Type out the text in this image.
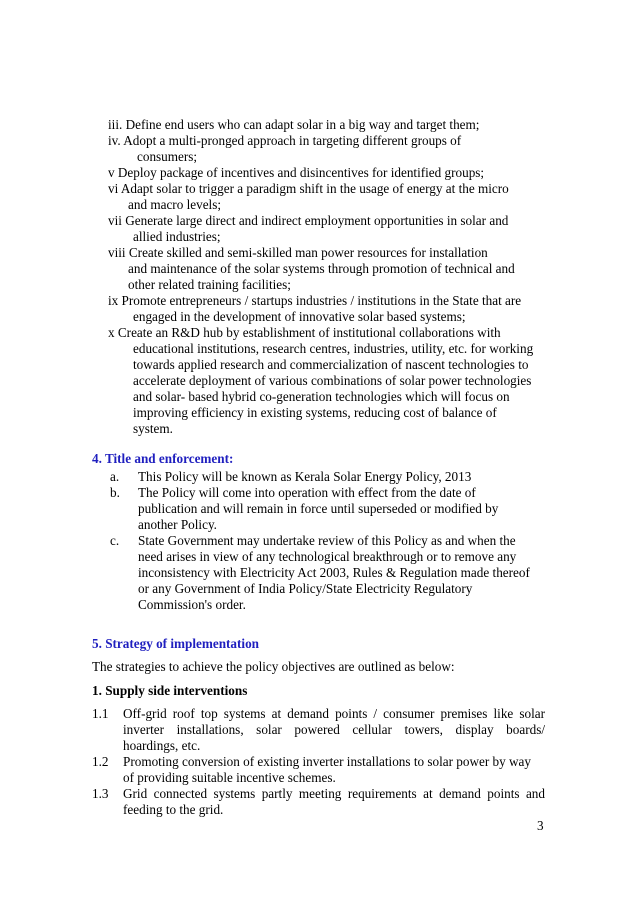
iii. Define end users who can adapt solar in a big way and target them;
iv. Adopt a multi-pronged approach in targeting different groups of
consumers;
v Deploy package of incentives and disincentives for identified groups;
vi Adapt solar to trigger a paradigm shift in the usage of energy at the micro
and macro levels;
vii Generate large direct and indirect employment opportunities in solar and
allied industries;
viii Create skilled and semi-skilled man power resources for installation
and maintenance of the solar systems through promotion of technical and
other related training facilities;
ix Promote entrepreneurs / startups industries / institutions in the State that are
engaged in the development of innovative solar based systems;
x Create an R&D hub by establishment of institutional collaborations with
educational institutions, research centres, industries, utility, etc. for working
towards applied research and commercialization of nascent technologies to
accelerate deployment of various combinations of solar power technologies
and solar- based hybrid co-generation technologies which will focus on
improving efficiency in existing systems, reducing cost of balance of
system.
4. Title and enforcement:
a. This Policy will be known as Kerala Solar Energy Policy, 2013
b. The Policy will come into operation with effect from the date of
publication and will remain in force until superseded or modified by
another Policy.
c. State Government may undertake review of this Policy as and when the
need arises in view of any technological breakthrough or to remove any
inconsistency with Electricity Act 2003, Rules & Regulation made thereof
or any Government of India Policy/State Electricity Regulatory
Commission's order.
5. Strategy of implementation
The strategies to achieve the policy objectives are outlined as below:
1. Supply side interventions
1.1 Off-grid roof top systems at demand points / consumer premises like solar
inverter installations, solar powered cellular towers, display boards/
hoardings, etc.
1.2 Promoting conversion of existing inverter installations to solar power by way
of providing suitable incentive schemes.
1.3 Grid connected systems partly meeting requirements at demand points and
feeding to the grid.
3
